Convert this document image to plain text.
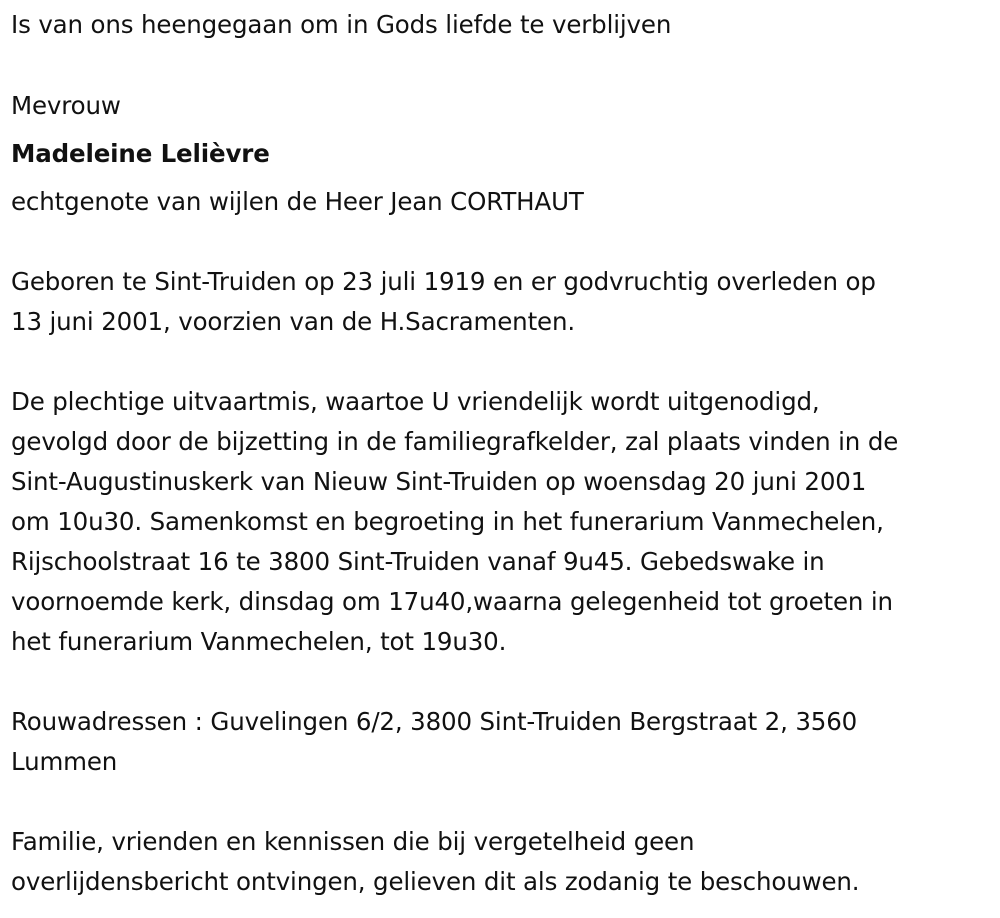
Is van ons heengegaan om in Gods liefde te verblijven
Mevrouw
Madeleine Lelièvre
echtgenote van wijlen de Heer Jean CORTHAUT
Geboren te Sint-Truiden op 23 juli 1919 en er godvruchtig overleden op
13 juni 2001, voorzien van de H.Sacramenten.
De plechtige uitvaartmis, waartoe U vriendelijk wordt uitgenodigd,
gevolgd door de bijzetting in de familiegrafkelder, zal plaats vinden in de
Sint-Augustinuskerk van Nieuw Sint-Truiden op woensdag 20 juni 2001
om 10u30. Samenkomst en begroeting in het funerarium Vanmechelen,
Rijschoolstraat 16 te 3800 Sint-Truiden vanaf 9u45. Gebedswake in
voornoemde kerk, dinsdag om 17u40,waarna gelegenheid tot groeten in
het funerarium Vanmechelen, tot 19u30.
Rouwadressen : Guvelingen 6/2, 3800 Sint-Truiden Bergstraat 2, 3560
Lummen
Familie, vrienden en kennissen die bij vergetelheid geen
overlijdensbericht ontvingen, gelieven dit als zodanig te beschouwen.
